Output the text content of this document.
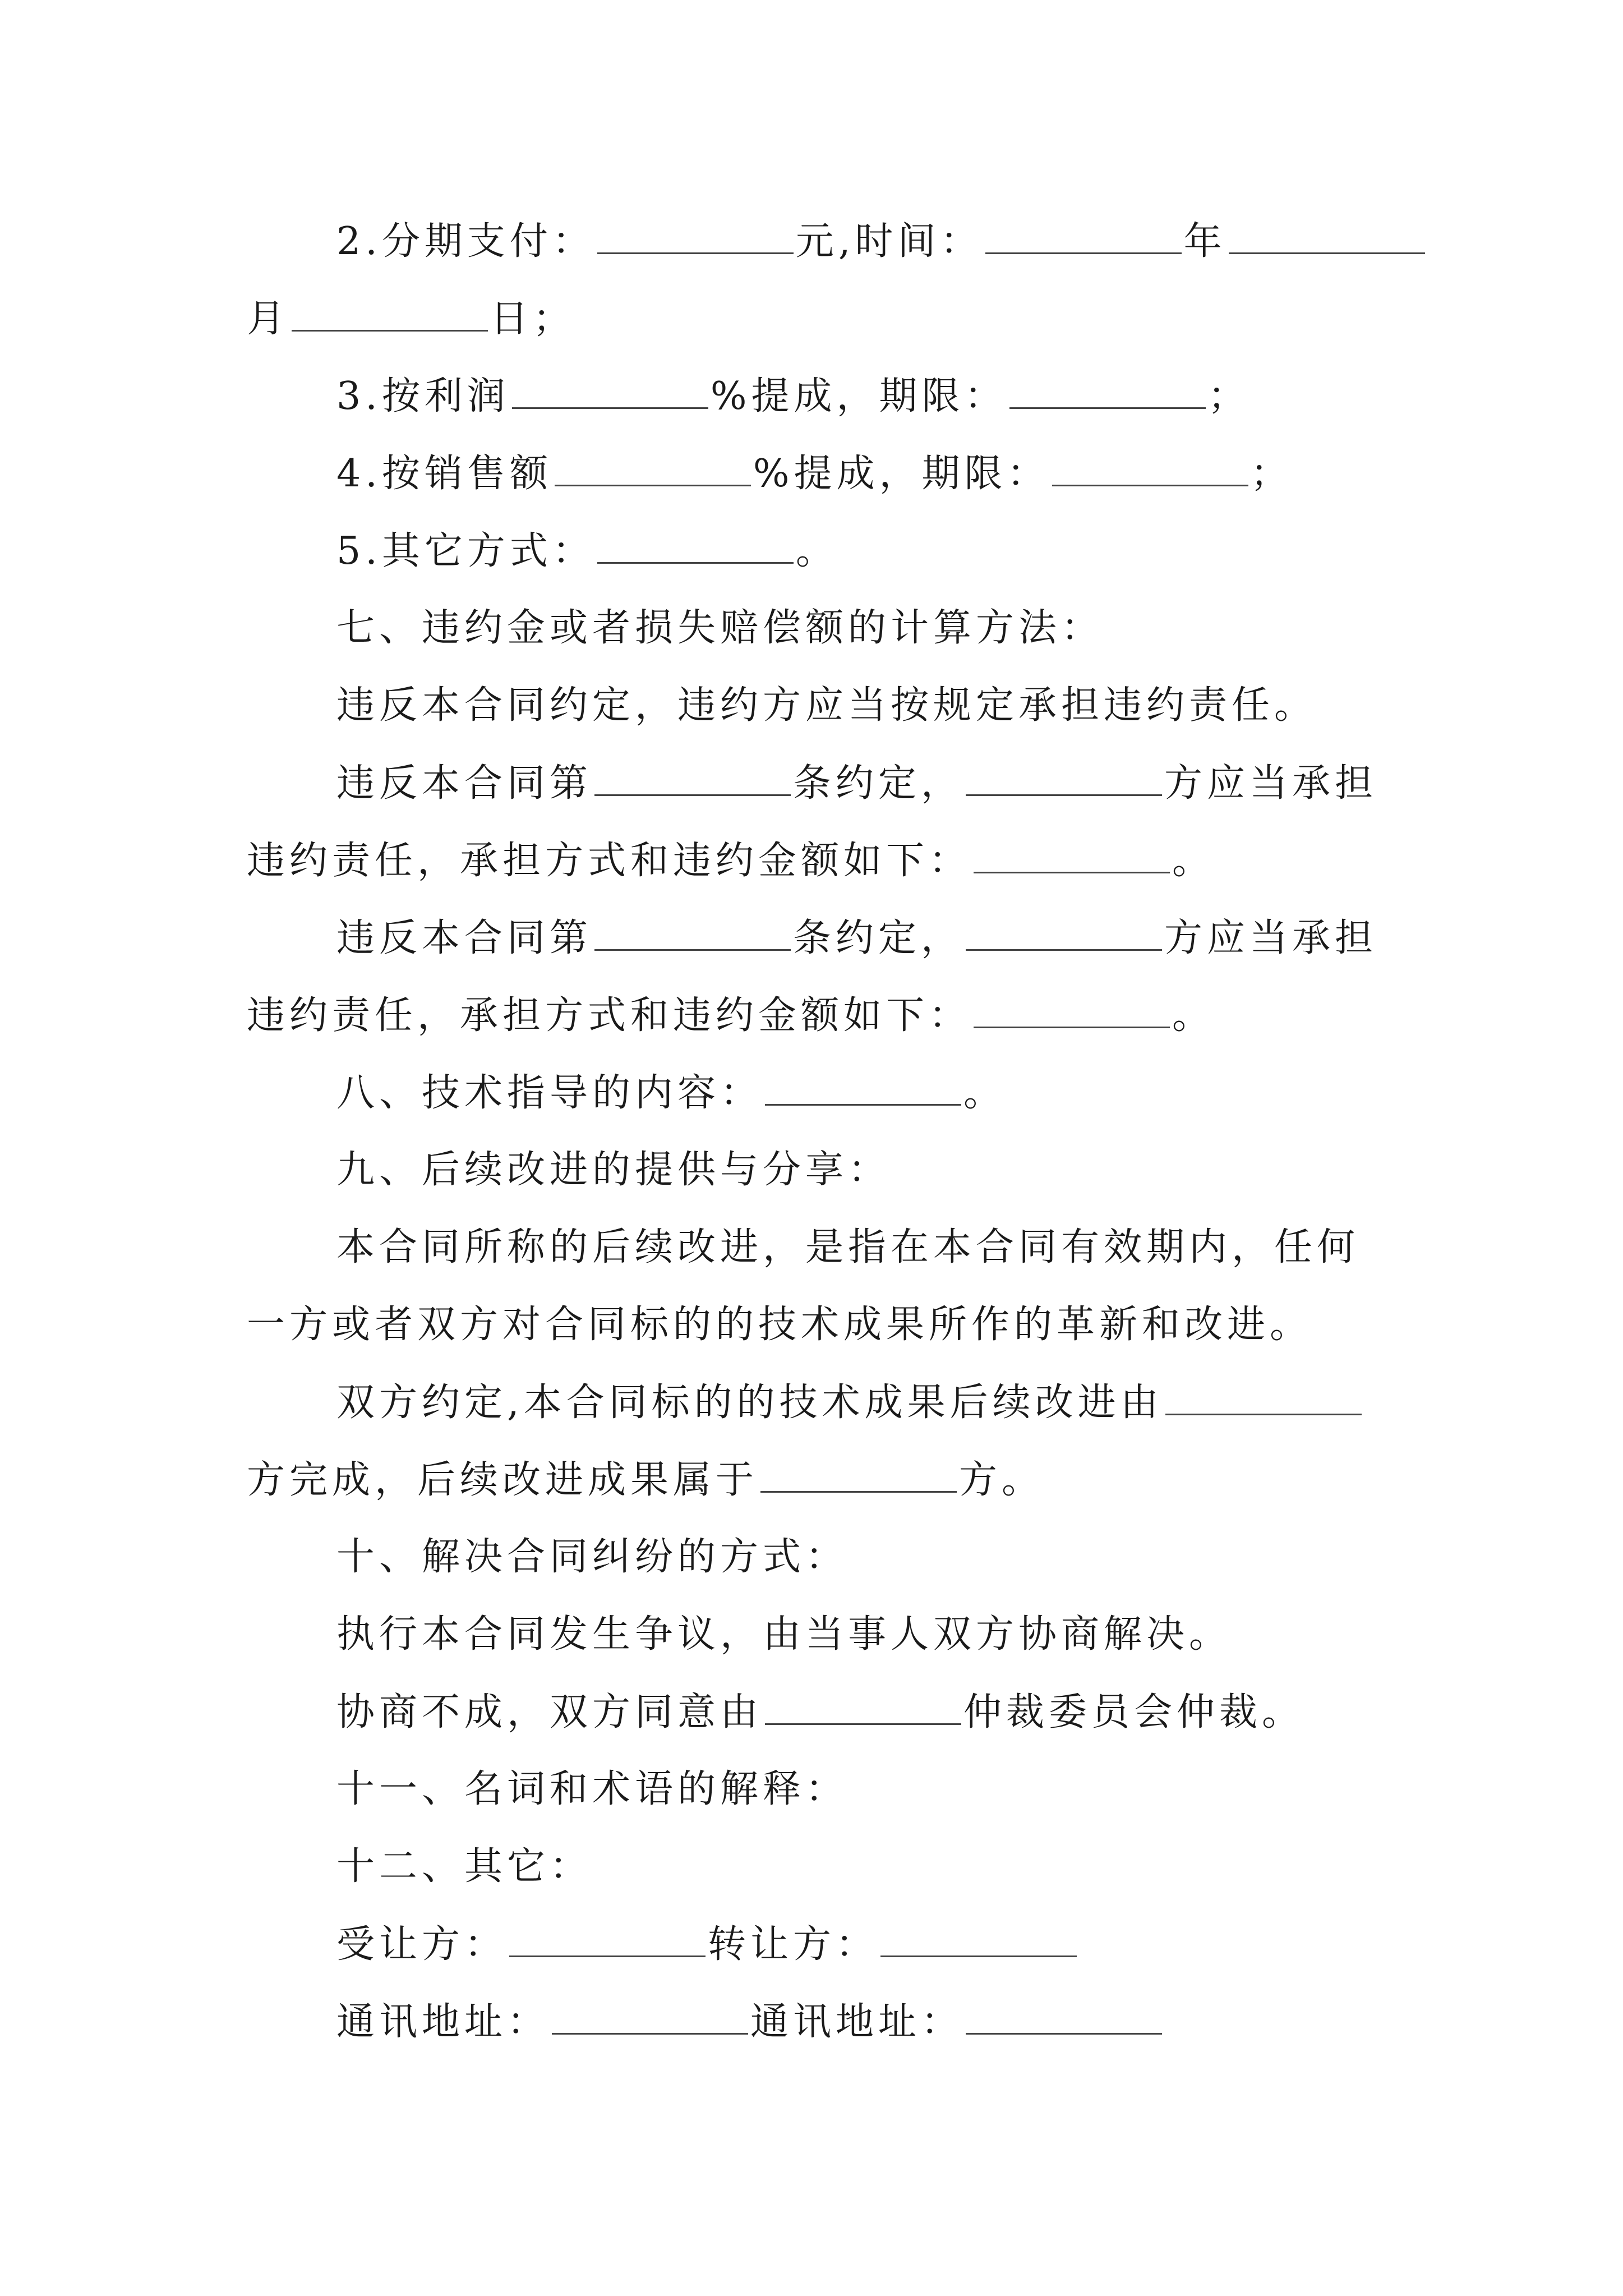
2.分期支付：	元,时间：	年
月	日；
3.按利润	%提成，期限：	；
4.按销售额	%提成，期限：	；
5.其它方式：	。
七、违约金或者损失赔偿额的计算方法：
违反本合同约定，违约方应当按规定承担违约责任。
违反本合同第	条约定，	方应当承担
违约责任，承担方式和违约金额如下：	。
违反本合同第	条约定，	方应当承担
违约责任，承担方式和违约金额如下：	。
八、技术指导的内容：	。
九、后续改进的提供与分享：
本合同所称的后续改进，是指在本合同有效期内，任何
一方或者双方对合同标的的技术成果所作的革新和改进。
双方约定,本合同标的的技术成果后续改进由
方完成，后续改进成果属于	方。
十、解决合同纠纷的方式：
执行本合同发生争议，由当事人双方协商解决。
协商不成，双方同意由	仲裁委员会仲裁。
十一、名词和术语的解释：
十二、其它：
受让方：	转让方：
通讯地址：	通讯地址：
